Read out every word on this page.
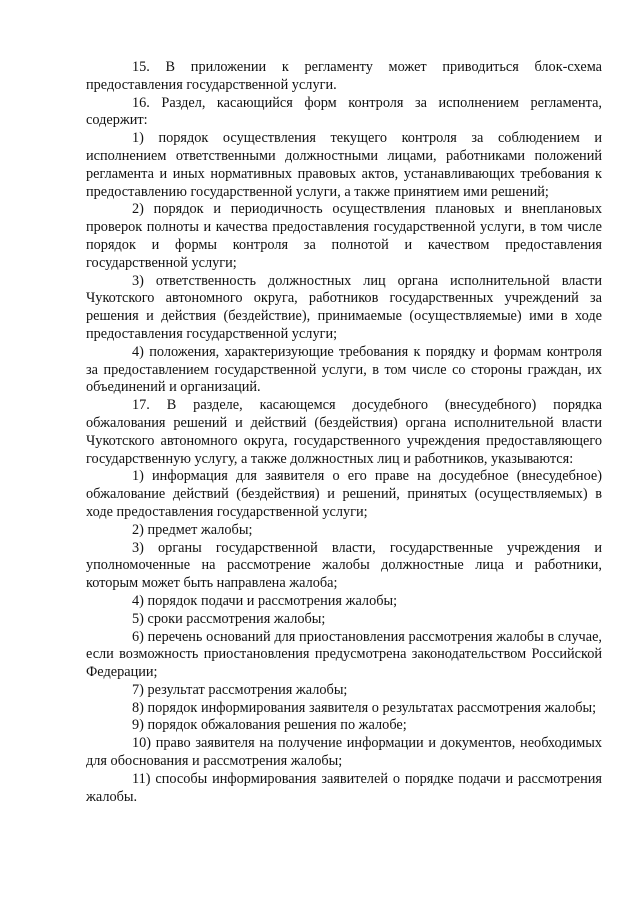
15. В приложении к регламенту может приводиться блок-схема предоставления государственной услуги.

16. Раздел, касающийся форм контроля за исполнением регламента, содержит:

1) порядок осуществления текущего контроля за соблюдением и исполнением ответственными должностными лицами, работниками положений регламента и иных нормативных правовых актов, устанавливающих требования к предоставлению государственной услуги, а также принятием ими решений;

2) порядок и периодичность осуществления плановых и внеплановых проверок полноты и качества предоставления государственной услуги, в том числе порядок и формы контроля за полнотой и качеством предоставления государственной услуги;

3) ответственность должностных лиц органа исполнительной власти Чукотского автономного округа, работников государственных учреждений за решения и действия (бездействие), принимаемые (осуществляемые) ими в ходе предоставления государственной услуги;

4) положения, характеризующие требования к порядку и формам контроля за предоставлением государственной услуги, в том числе со стороны граждан, их объединений и организаций.

17. В разделе, касающемся досудебного (внесудебного) порядка обжалования решений и действий (бездействия) органа исполнительной власти Чукотского автономного округа, государственного учреждения предоставляющего государственную услугу, а также должностных лиц и работников, указываются:

1) информация для заявителя о его праве на досудебное (внесудебное) обжалование действий (бездействия) и решений, принятых (осуществляемых) в ходе предоставления государственной услуги;

2) предмет жалобы;

3) органы государственной власти, государственные учреждения и уполномоченные на рассмотрение жалобы должностные лица и работники, которым может быть направлена жалоба;

4) порядок подачи и рассмотрения жалобы;

5) сроки рассмотрения жалобы;

6) перечень оснований для приостановления рассмотрения жалобы в случае, если возможность приостановления предусмотрена законодательством Российской Федерации;

7) результат рассмотрения жалобы;

8) порядок информирования заявителя о результатах рассмотрения жалобы;

9) порядок обжалования решения по жалобе;

10) право заявителя на получение информации и документов, необходимых для обоснования и рассмотрения жалобы;

11) способы информирования заявителей о порядке подачи и рассмотрения жалобы.
